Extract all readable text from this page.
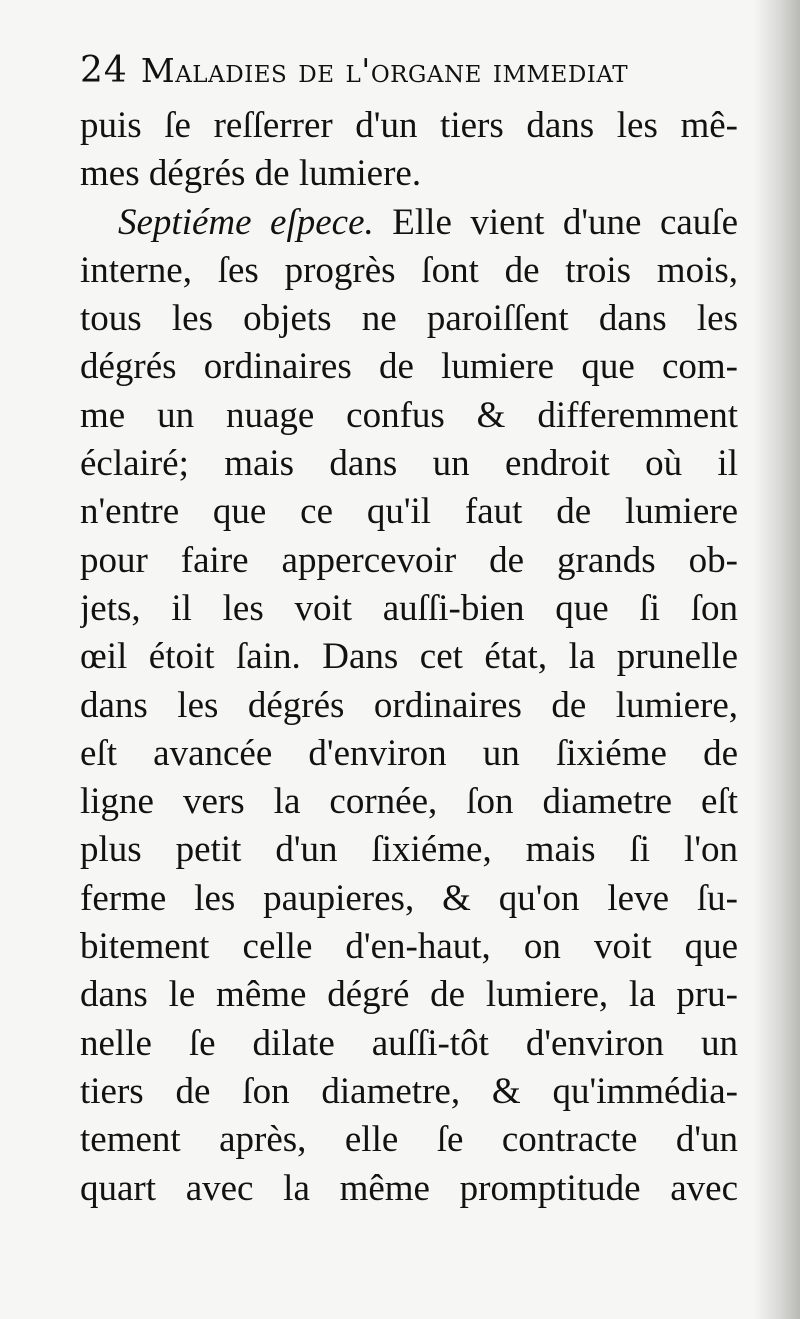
24 Maladies de l'organe immediat
puis ſe reſſerrer d'un tiers dans les mê-
mes dégrés de lumiere.
Septiéme eſpece. Elle vient d'une cauſe
interne, ſes progrès ſont de trois mois,
tous les objets ne paroiſſent dans les
dégrés ordinaires de lumiere que com-
me un nuage confus & differemment
éclairé; mais dans un endroit où il
n'entre que ce qu'il faut de lumiere
pour faire appercevoir de grands ob-
jets, il les voit auſſi-bien que ſi ſon
œil étoit ſain. Dans cet état, la prunelle
dans les dégrés ordinaires de lumiere,
eſt avancée d'environ un ſixiéme de
ligne vers la cornée, ſon diametre eſt
plus petit d'un ſixiéme, mais ſi l'on
ferme les paupieres, & qu'on leve ſu-
bitement celle d'en-haut, on voit que
dans le même dégré de lumiere, la pru-
nelle ſe dilate auſſi-tôt d'environ un
tiers de ſon diametre, & qu'immédia-
tement après, elle ſe contracte d'un
quart avec la même promptitude avec
